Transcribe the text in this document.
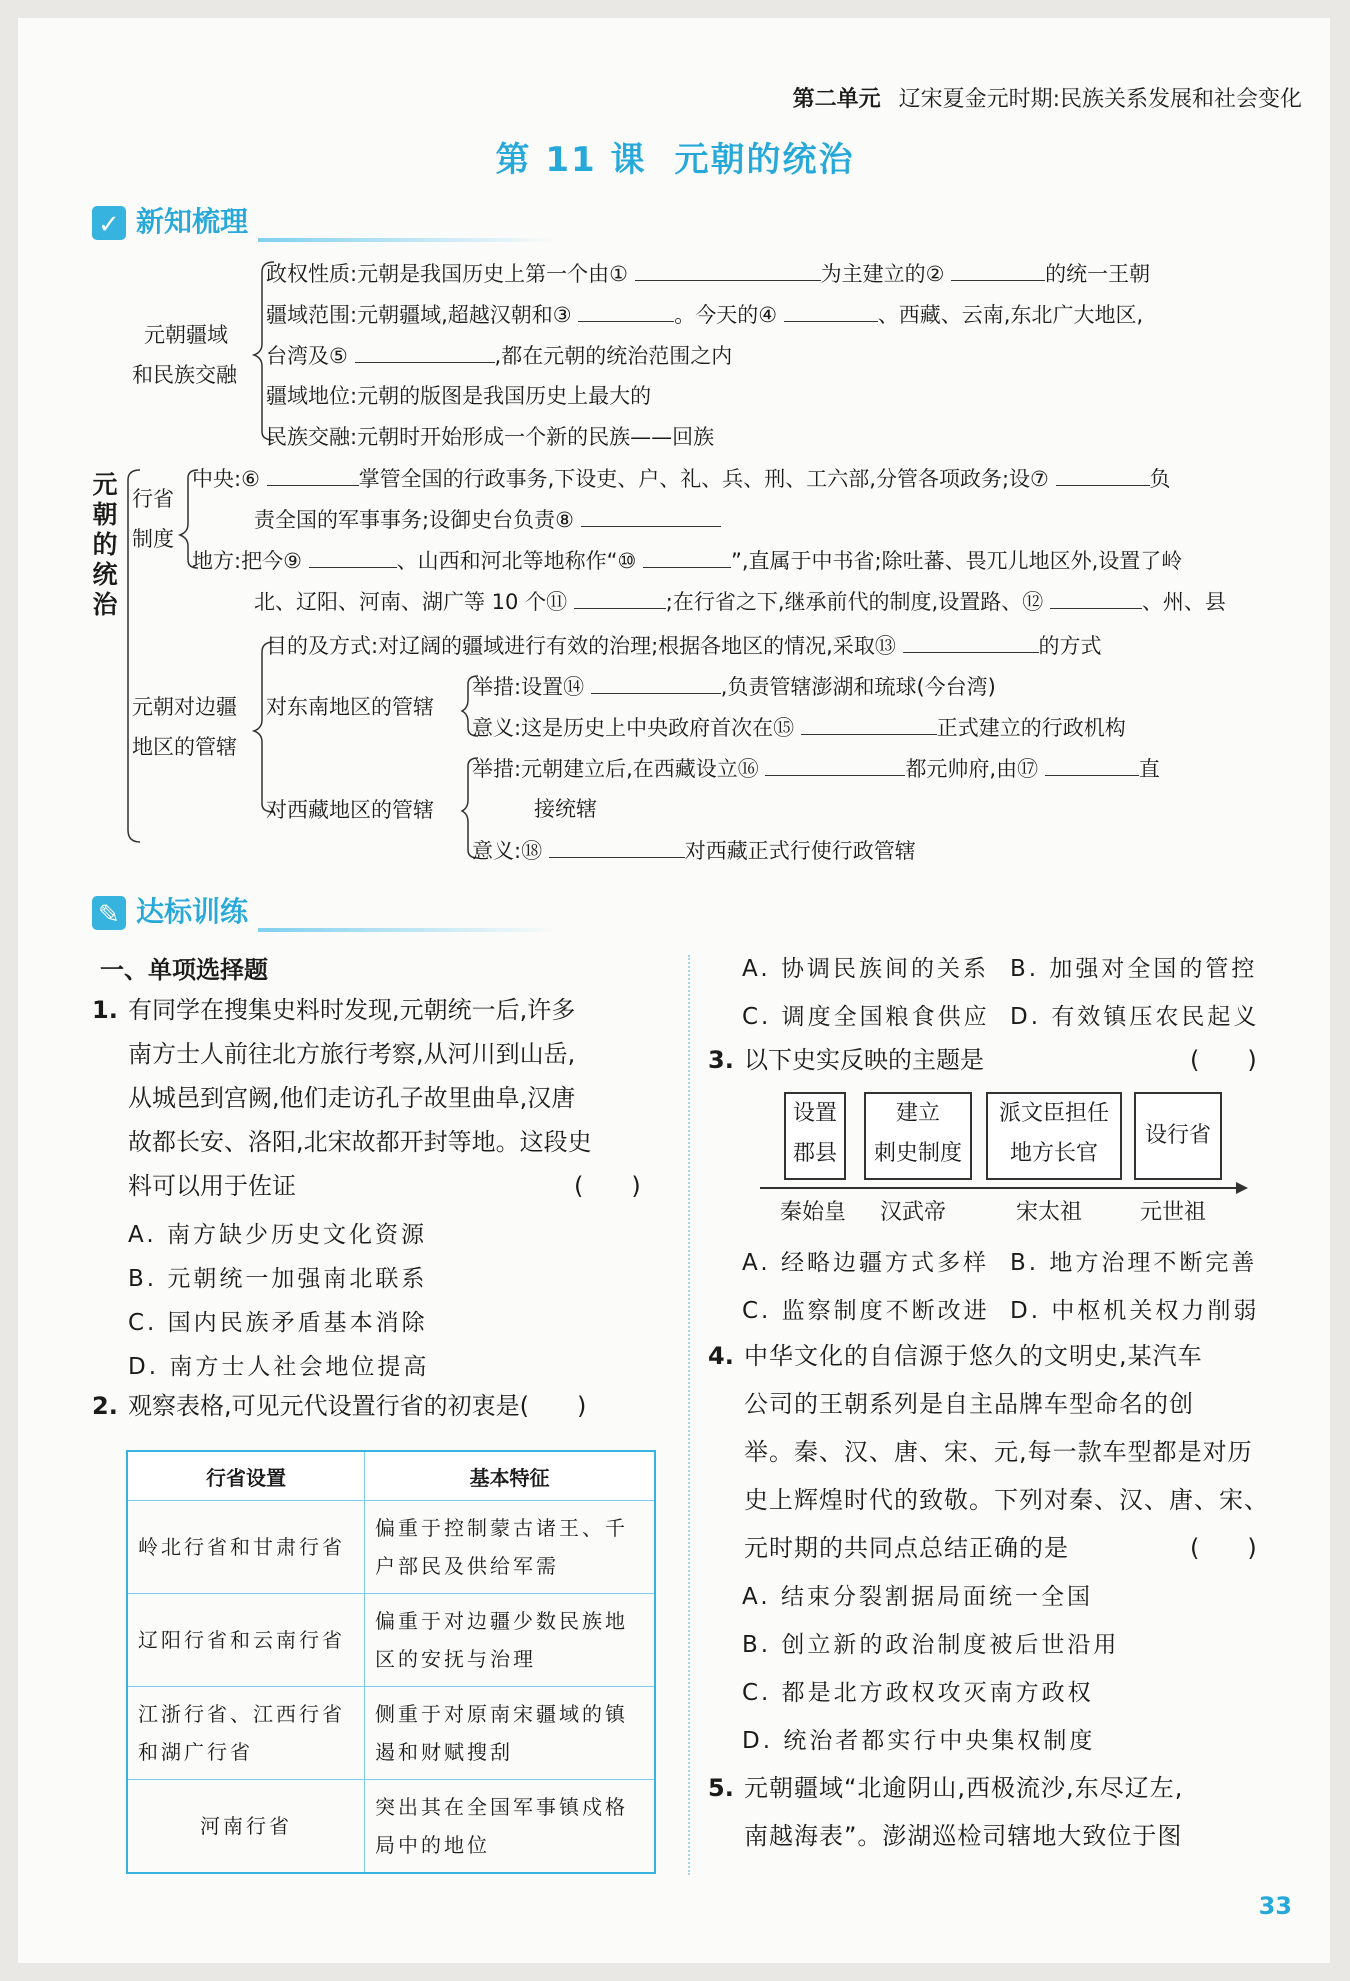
第二单元 辽宋夏金元时期:民族关系发展和社会变化
第 11 课 元朝的统治
✓新知梳理
元朝的统治
元朝疆域
和民族交融
政权性质:元朝是我国历史上第一个由①	为主建立的②	的统一王朝
疆域范围:元朝疆域,超越汉朝和③	。今天的④	、西藏、云南,东北广大地区,
台湾及⑤	,都在元朝的统治范围之内
疆域地位:元朝的版图是我国历史上最大的
民族交融:元朝时开始形成一个新的民族——回族
行省
制度
中央:⑥	掌管全国的行政事务,下设吏、户、礼、兵、刑、工六部,分管各项政务;设⑦	负
责全国的军事事务;设御史台负责⑧
地方:把今⑨	、山西和河北等地称作“⑩	”,直属于中书省;除吐蕃、畏兀儿地区外,设置了岭
北、辽阳、河南、湖广等 10 个⑪	;在行省之下,继承前代的制度,设置路、⑫	、州、县
元朝对边疆
地区的管辖
目的及方式:对辽阔的疆域进行有效的治理;根据各地区的情况,采取⑬	的方式
对东南地区的管辖
举措:设置⑭	,负责管辖澎湖和琉球(今台湾)
意义:这是历史上中央政府首次在⑮	正式建立的行政机构
对西藏地区的管辖
举措:元朝建立后,在西藏设立⑯	都元帅府,由⑰	直
接统辖
意义:⑱	对西藏正式行使行政管辖
✎达标训练
一、单项选择题
1. 有同学在搜集史料时发现,元朝统一后,许多
南方士人前往北方旅行考察,从河川到山岳,
从城邑到宫阙,他们走访孔子故里曲阜,汉唐
故都长安、洛阳,北宋故都开封等地。这段史
料可以用于佐证	(　　)
A. 南方缺少历史文化资源
B. 元朝统一加强南北联系
C. 国内民族矛盾基本消除
D. 南方士人社会地位提高
2. 观察表格,可见元代设置行省的初衷是(　　)
行省设置	基本特征
岭北行省和甘肃行省	偏重于控制蒙古诸王、千户部民及供给军需
辽阳行省和云南行省	偏重于对边疆少数民族地区的安抚与治理
江浙行省、江西行省和湖广行省	侧重于对原南宋疆域的镇遏和财赋搜刮
河南行省	突出其在全国军事镇戍格局中的地位
A. 协调民族间的关系 B. 加强对全国的管控
C. 调度全国粮食供应 D. 有效镇压农民起义
3. 以下史实反映的主题是	(　　)
设置
郡县
建立
刺史制度
派文臣担任
地方长官
设行省
秦始皇 汉武帝	宋太祖	元世祖
A. 经略边疆方式多样 B. 地方治理不断完善
C. 监察制度不断改进 D. 中枢机关权力削弱
4. 中华文化的自信源于悠久的文明史,某汽车
公司的王朝系列是自主品牌车型命名的创
举。秦、汉、唐、宋、元,每一款车型都是对历
史上辉煌时代的致敬。下列对秦、汉、唐、宋、
元时期的共同点总结正确的是	(　　)
A. 结束分裂割据局面统一全国
B. 创立新的政治制度被后世沿用
C. 都是北方政权攻灭南方政权
D. 统治者都实行中央集权制度
5. 元朝疆域“北逾阴山,西极流沙,东尽辽左,
南越海表”。澎湖巡检司辖地大致位于图
33
